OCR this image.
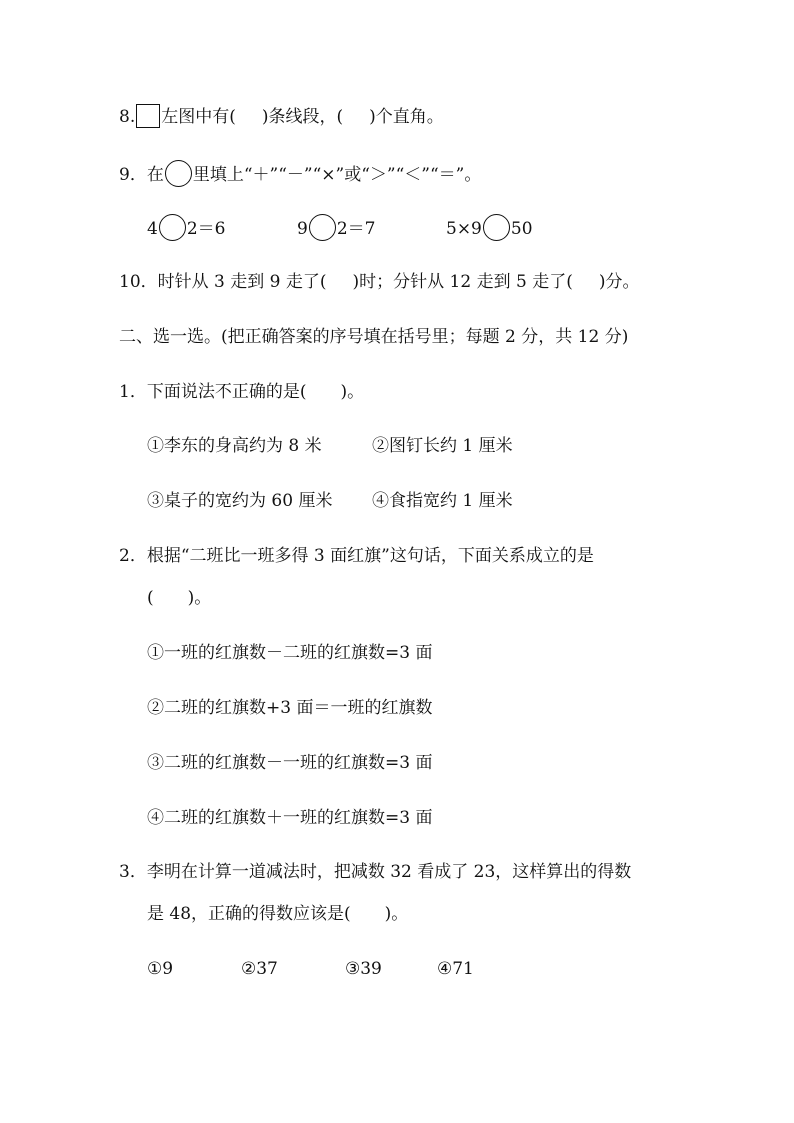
8. 左图中有( )条线段，( )个直角。
9．在 里填上“＋”“－”“×”或“＞”“＜”“＝”。
4 2＝6	9 2＝7	5×9 50
10．时针从 3 走到 9 走了( )时；分针从 12 走到 5 走了( )分。
二、选一选。(把正确答案的序号填在括号里；每题 2 分，共 12 分)
1．下面说法不正确的是(　　)。
①李东的身高约为 8 米	②图钉长约 1 厘米
③桌子的宽约为 60 厘米 ④食指宽约 1 厘米
2．根据“二班比一班多得 3 面红旗”这句话，下面关系成立的是
(　　)。
①一班的红旗数－二班的红旗数=3 面
②二班的红旗数+3 面＝一班的红旗数
③二班的红旗数－一班的红旗数=3 面
④二班的红旗数＋一班的红旗数=3 面
3．李明在计算一道减法时，把减数 32 看成了 23，这样算出的得数
是 48，正确的得数应该是(　　)。
①9	②37	③39	④71
